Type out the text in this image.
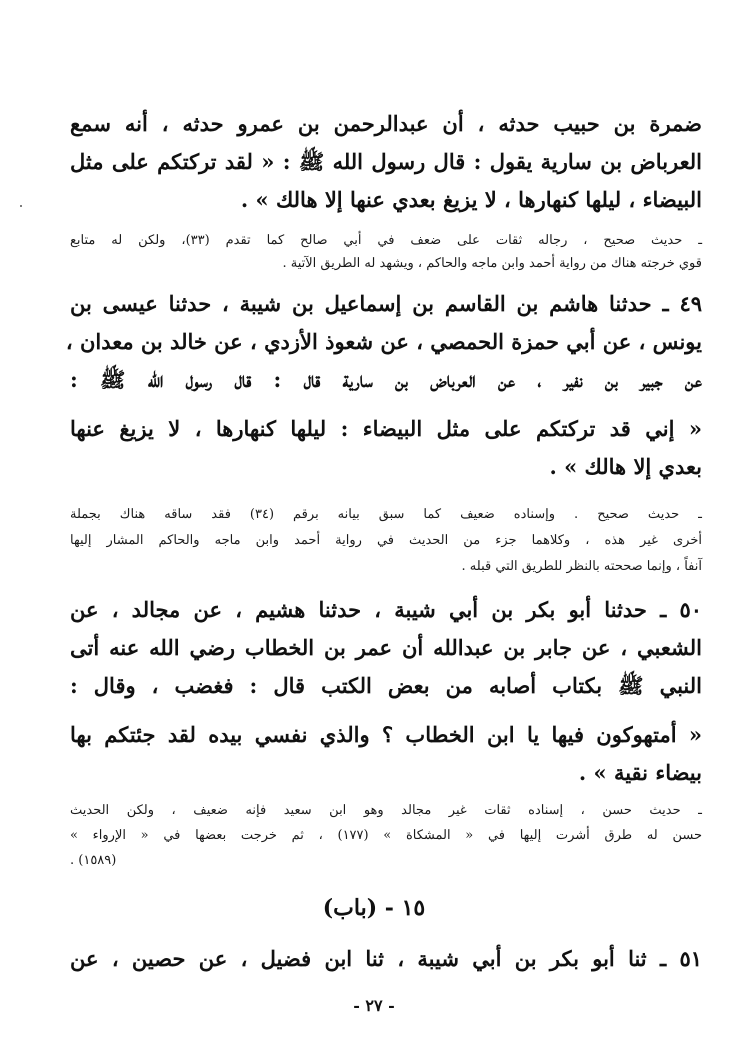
ضمرة بن حبيب حدثه ، أن عبدالرحمن بن عمرو حدثه ، أنه سمع
العرباض بن سارية يقول : قال رسول الله ﷺ : « لقد تركتكم على مثل
البيضاء ، ليلها كنهارها ، لا يزيغ بعدي عنها إلا هالك » .
ـ حديث صحيح ، رجاله ثقات على ضعف في أبي صالح كما تقدم (٣٣)، ولكن له متابع
قوي خرجته هناك من رواية أحمد وابن ماجه والحاكم ، ويشهد له الطريق الآتية .
٤٩ ـ حدثنا هاشم بن القاسم بن إسماعيل بن شيبة ، حدثنا عيسى بن
يونس ، عن أبي حمزة الحمصي ، عن شعوذ الأزدي ، عن خالد بن معدان ،
عن جبير بن نفير ، عن العرباض بن سارية قال : قال رسول الله ﷺ :
« إني قد تركتكم على مثل البيضاء : ليلها كنهارها ، لا يزيغ عنها
بعدي إلا هالك » .
ـ حديث صحيح . وإسناده ضعيف كما سبق بيانه برقم (٣٤) فقد ساقه هناك بجملة
أخرى غير هذه ، وكلاهما جزء من الحديث في رواية أحمد وابن ماجه والحاكم المشار إليها
آنفاً ، وإنما صححته بالنظر للطريق التي قبله .
٥٠ ـ حدثنا أبو بكر بن أبي شيبة ، حدثنا هشيم ، عن مجالد ، عن
الشعبي ، عن جابر بن عبدالله أن عمر بن الخطاب رضي الله عنه أتى
النبي ﷺ بكتاب أصابه من بعض الكتب قال : فغضب ، وقال :
« أمتهوكون فيها يا ابن الخطاب ؟ والذي نفسي بيده لقد جئتكم بها
بيضاء نقية » .
ـ حديث حسن ، إسناده ثقات غير مجالد وهو ابن سعيد فإنه ضعيف ، ولكن الحديث
حسن له طرق أشرت إليها في « المشكاة » (١٧٧) ، ثم خرجت بعضها في « الإرواء »
(١٥٨٩) .
١٥ - (باب)
٥١ ـ ثنا أبو بكر بن أبي شيبة ، ثنا ابن فضيل ، عن حصين ، عن
- ٢٧ -
